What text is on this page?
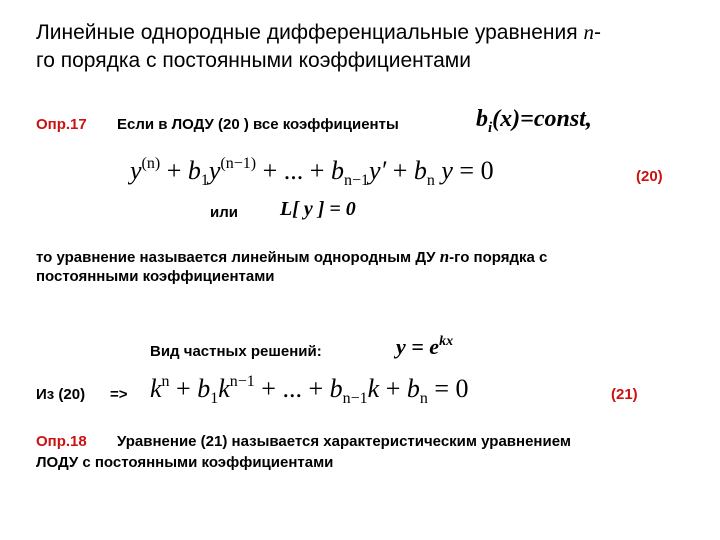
Линейные однородные дифференциальные уравнения n-
го порядка с постоянными коэффициентами
Опр.17 Если в ЛОДУ (20 ) все коэффициенты	$b_i(x)=const$,
$y^{(n)} + b_1y^{(n-1)}$ + ... + $b_{n-1}y' + b_n$ y = 0	(20)
или L[ y ] = 0
то уравнение называется линейным однородным ДУ n-го порядка с
постоянными коэффициентами
Вид частных решений:	$y = e^{kx}$
Из $(20) => k^n + b_1k^{n-1}$ + ... + $b_{n-1}k + b_n = 0$	(21)
Опр.18 Уравнение (21) называется характеристическим уравнением
ЛОДУ с постоянными коэффициентами
